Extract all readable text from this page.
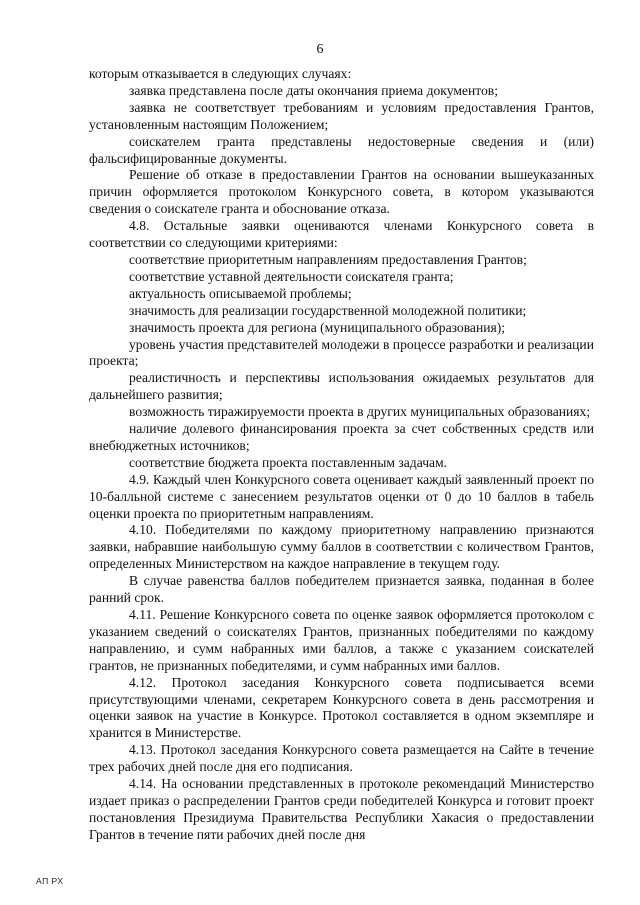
6

которым отказывается в следующих случаях:

заявка представлена после даты окончания приема документов;

заявка не соответствует требованиям и условиям предоставления Грантов, установленным настоящим Положением;

соискателем гранта представлены недостоверные сведения и (или) фальсифицированные документы.

Решение об отказе в предоставлении Грантов на основании вышеуказанных причин оформляется протоколом Конкурсного совета, в котором указываются сведения о соискателе гранта и обоснование отказа.

4.8. Остальные заявки оцениваются членами Конкурсного совета в соответствии со следующими критериями:

соответствие приоритетным направлениям предоставления Грантов;

соответствие уставной деятельности соискателя гранта;

актуальность описываемой проблемы;

значимость для реализации государственной молодежной политики;

значимость проекта для региона (муниципального образования);

уровень участия представителей молодежи в процессе разработки и реализации проекта;

реалистичность и перспективы использования ожидаемых результатов для дальнейшего развития;

возможность тиражируемости проекта в других муниципальных образованиях;

наличие долевого финансирования проекта за счет собственных средств или внебюджетных источников;

соответствие бюджета проекта поставленным задачам.

4.9. Каждый член Конкурсного совета оценивает каждый заявленный проект по 10-балльной системе с занесением результатов оценки от 0 до 10 баллов в табель оценки проекта по приоритетным направлениям.

4.10. Победителями по каждому приоритетному направлению признаются заявки, набравшие наибольшую сумму баллов в соответствии с количеством Грантов, определенных Министерством на каждое направление в текущем году.

В случае равенства баллов победителем признается заявка, поданная в более ранний срок.

4.11. Решение Конкурсного совета по оценке заявок оформляется протоколом с указанием сведений о соискателях Грантов, признанных победителями по каждому направлению, и сумм набранных ими баллов, а также с указанием соискателей грантов, не признанных победителями, и сумм набранных ими баллов.

4.12. Протокол заседания Конкурсного совета подписывается всеми присутствующими членами, секретарем Конкурсного совета в день рассмотрения и оценки заявок на участие в Конкурсе. Протокол составляется в одном экземпляре и хранится в Министерстве.

4.13. Протокол заседания Конкурсного совета размещается на Сайте в течение трех рабочих дней после дня его подписания.

4.14. На основании представленных в протоколе рекомендаций Министерство издает приказ о распределении Грантов среди победителей Конкурса и готовит проект постановления Президиума Правительства Республики Хакасия о предоставлении Грантов в течение пяти рабочих дней после дня

АП РХ
